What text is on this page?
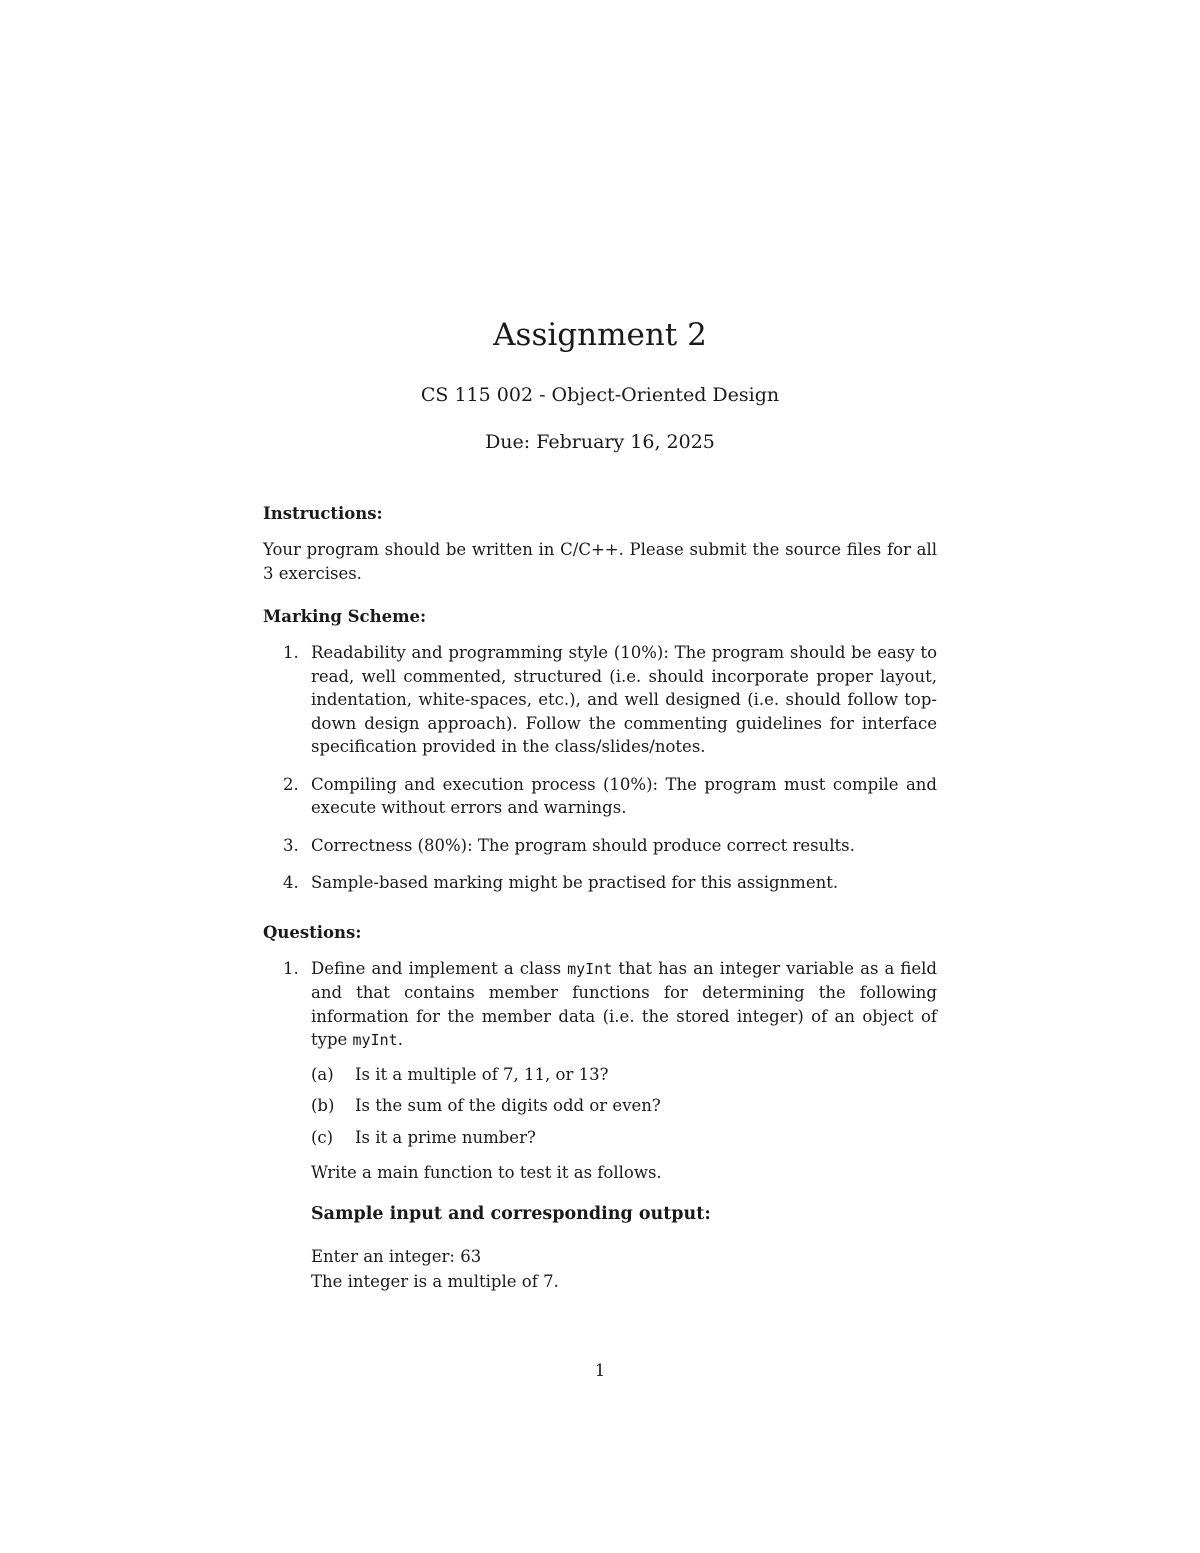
Assignment 2

CS 115 002 - Object-Oriented Design

Due: February 16, 2025

Instructions:

Your program should be written in C/C++. Please submit the source files for all 3 exercises.

Marking Scheme:

1. Readability and programming style (10%): The program should be easy to read, well commented, structured (i.e. should incorporate proper layout, indentation, white-spaces, etc.), and well designed (i.e. should follow top-down design approach). Follow the commenting guidelines for interface specification provided in the class/slides/notes.
2. Compiling and execution process (10%): The program must compile and execute without errors and warnings.
3. Correctness (80%): The program should produce correct results.
4. Sample-based marking might be practised for this assignment.

Questions:

1. Define and implement a class myInt that has an integer variable as a field and that contains member functions for determining the following information for the member data (i.e. the stored integer) of an object of type myInt.
(a) Is it a multiple of 7, 11, or 13?
(b) Is the sum of the digits odd or even?
(c) Is it a prime number?

Write a main function to test it as follows.

Sample input and corresponding output:

Enter an integer: 63
The integer is a multiple of 7.
1
